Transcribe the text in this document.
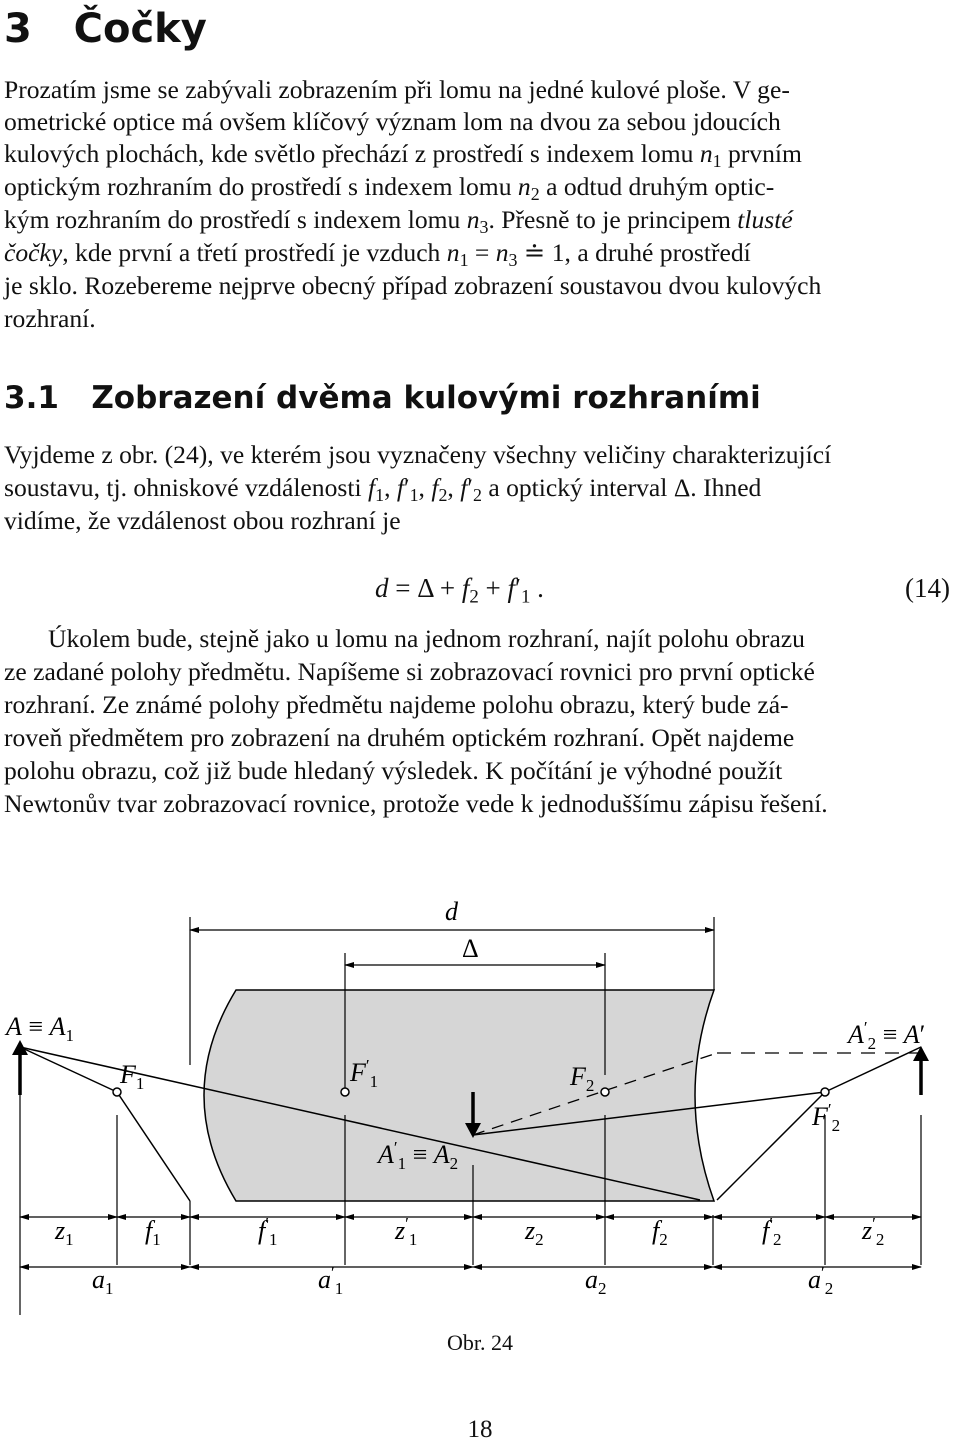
3 Čočky
Prozatím jsme se zabývali zobrazením při lomu na jedné kulové ploše. V ge-
ometrické optice má ovšem klíčový význam lom na dvou za sebou jdoucích
kulových plochách, kde světlo přechází z prostředí s indexem lomu $n_1$ prvním
optickým rozhraním do prostředí s indexem lomu $n_2$ a odtud druhým optic-
kým rozhraním do prostředí s indexem lomu $n_3$. Přesně to je principem tlusté
čočky, kde první a třetí prostředí je vzduch $n_1 = n_3$ ≐ 1, a druhé prostředí
je sklo. Rozebereme nejprve obecný případ zobrazení soustavou dvou kulových
rozhraní.
3.1 Zobrazení dvěma kulovými rozhraními
Vyjdeme z obr. (24), ve kterém jsou vyznačeny všechny veličiny charakterizující
soustavu, tj. ohniskové vzdálenosti $f_1$, $f'_1$, $f_2$, $f'_2$ a optický interval Δ. Ihned
vidíme, že vzdálenost obou rozhraní je
$d = \Delta + f_2 + f'_1$ .	(14)
Úkolem bude, stejně jako u lomu na jednom rozhraní, najít polohu obrazu
ze zadané polohy předmětu. Napíšeme si zobrazovací rovnici pro první optické
rozhraní. Ze známé polohy předmětu najdeme polohu obrazu, který bude zá-
roveň předmětem pro zobrazení na druhém optickém rozhraní. Opět najdeme
polohu obrazu, což již bude hledaný výsledek. K počítání je výhodné použít
Newtonův tvar zobrazovací rovnice, protože vede k jednoduššímu zápisu řešení.
d
Δ
$A \equiv A_1$
$F_1$	$F'_1$	$F_2$
$A'_1 \equiv A_2$
$A'_2 \equiv A'$
$F'_2$
$z_1$	$f_1$	$f'_1$	$z'_1$	$z_2$	$f_2$	$f'_2$	$z'_2$
$a_1$	$a'_1$	$a_2$	$a'_2$
Obr. 24
18
